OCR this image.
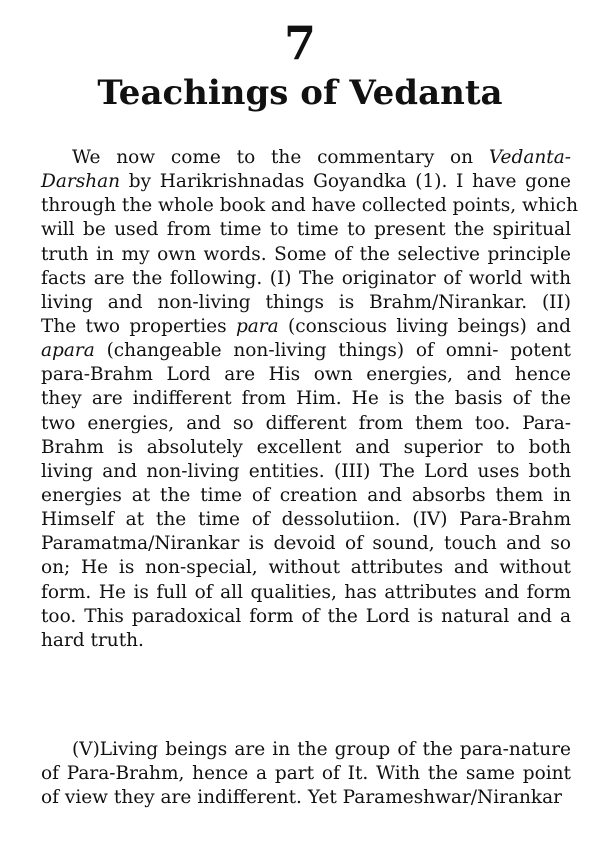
7
Teachings of Vedanta
We now come to the commentary on Vedanta-
Darshan by Harikrishnadas Goyandka (1). I have gone
through the whole book and have collected points, which
will be used from time to time to present the spiritual
truth in my own words. Some of the selective principle
facts are the following. (I) The originator of world with
living and non-living things is Brahm/Nirankar. (II)
The two properties para (conscious living beings) and
apara (changeable non-living things) of omni- potent
para-Brahm Lord are His own energies, and hence
they are indifferent from Him. He is the basis of the
two energies, and so different from them too. Para-
Brahm is absolutely excellent and superior to both
living and non-living entities. (III) The Lord uses both
energies at the time of creation and absorbs them in
Himself at the time of dessolutiion. (IV) Para-Brahm
Paramatma/Nirankar is devoid of sound, touch and so
on; He is non-special, without attributes and without
form. He is full of all qualities, has attributes and form
too. This paradoxical form of the Lord is natural and a
hard truth.
(V)Living beings are in the group of the para-nature
of Para-Brahm, hence a part of It. With the same point
of view they are indifferent. Yet Parameshwar/Nirankar
